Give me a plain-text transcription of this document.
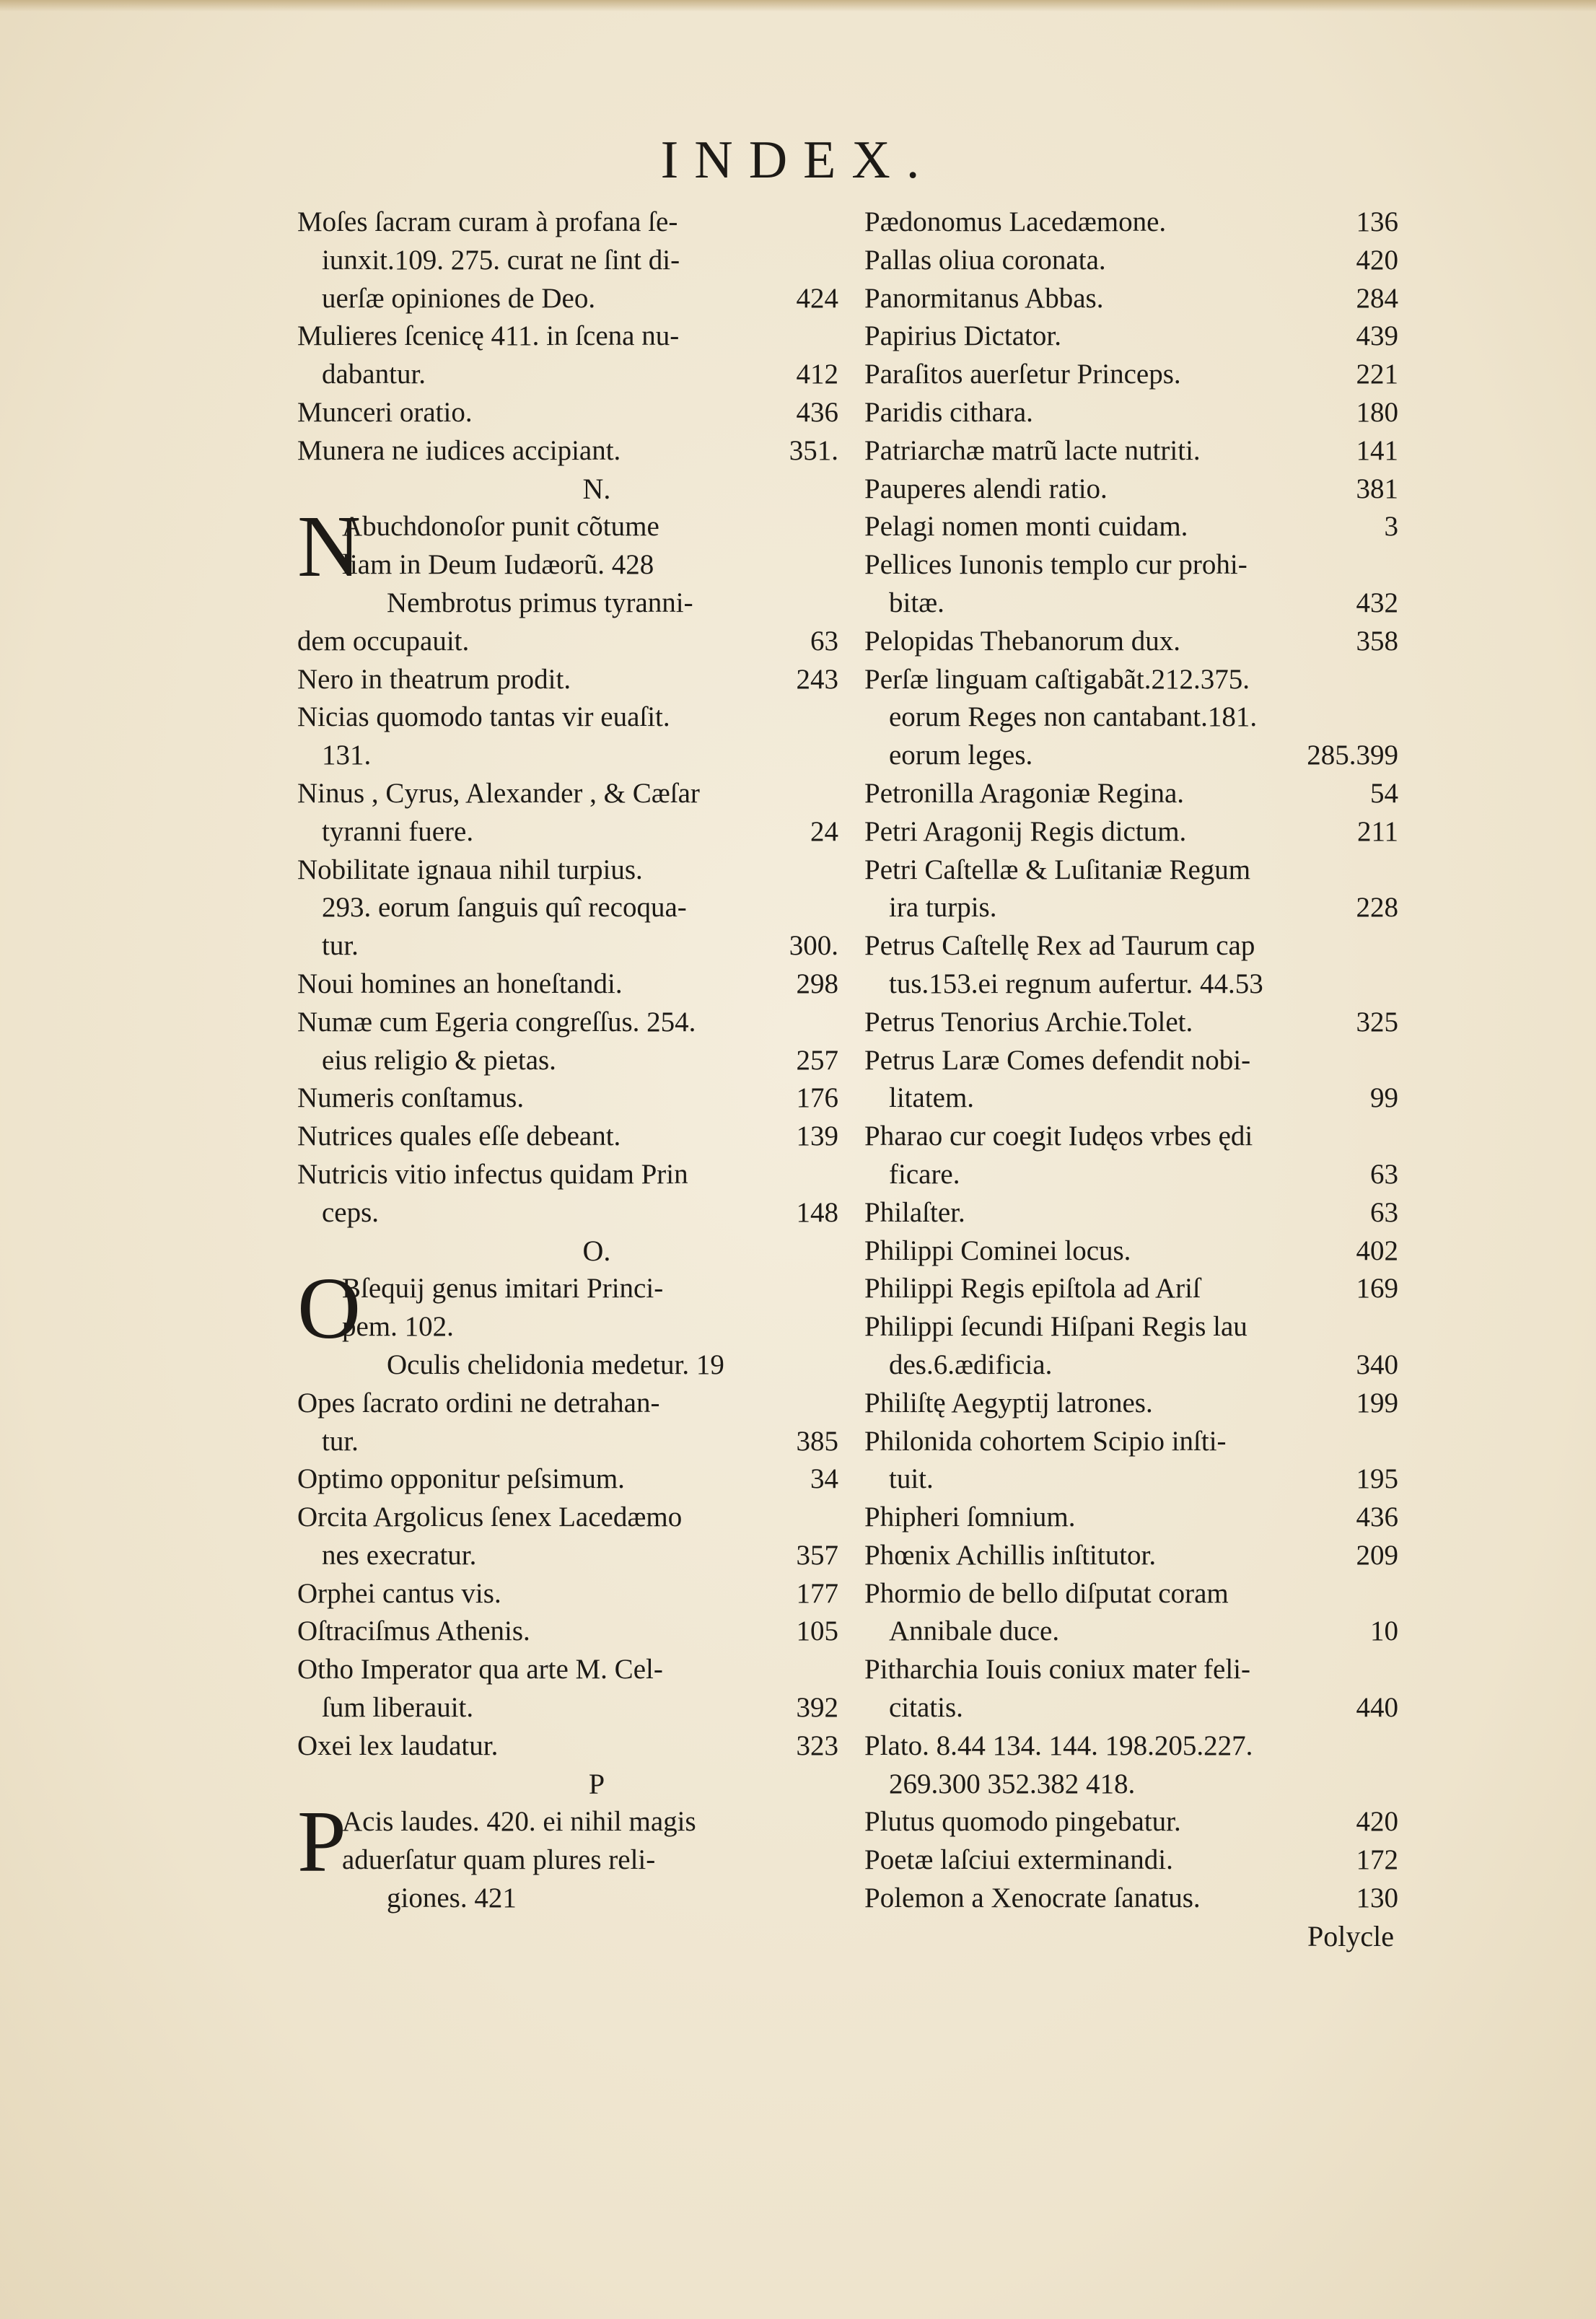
INDEX.
Moſes ſacram curam à profana ſe-
iunxit.109. 275. curat ne ſint di-
uerſæ opiniones de Deo.	424
Mulieres ſcenicę 411. in ſcena nu-
dabantur.	412
Munceri oratio.	436
Munera ne iudices accipiant.	351.
N.
N
Abuchdonoſor punit cõtume
liam in Deum Iudæorũ. 428
Nembrotus primus tyranni-
dem occupauit.	63
Nero in theatrum prodit.	243
Nicias quomodo tantas vir euaſit.
131.
Ninus , Cyrus, Alexander , & Cæſar
tyranni fuere.	24
Nobilitate ignaua nihil turpius.
293. eorum ſanguis quî recoqua-
tur.	300.
Noui homines an honeſtandi.	298
Numæ cum Egeria congreſſus. 254.
eius religio & pietas.	257
Numeris conſtamus.	176
Nutrices quales eſſe debeant.	139
Nutricis vitio infectus quidam Prin
ceps.	148
O.
O
Bſequij genus imitari Princi-
pem. 102.
Oculis chelidonia medetur. 19
Opes ſacrato ordini ne detrahan-
tur.	385
Optimo opponitur peſsimum.	34
Orcita Argolicus ſenex Lacedæmo
nes execratur.	357
Orphei cantus vis.	177
Oſtraciſmus Athenis.	105
Otho Imperator qua arte M. Cel-
ſum liberauit.	392
Oxei lex laudatur.	323
P
P
Acis laudes. 420. ei nihil magis
aduerſatur quam plures reli-
giones. 421
Pædonomus Lacedæmone.	136
Pallas oliua coronata.	420
Panormitanus Abbas.	284
Papirius Dictator.	439
Paraſitos auerſetur Princeps.	221
Paridis cithara.	180
Patriarchæ matrũ lacte nutriti.	141
Pauperes alendi ratio.	381
Pelagi nomen monti cuidam.	3
Pellices Iunonis templo cur prohi-
bitæ.	432
Pelopidas Thebanorum dux.	358
Perſæ linguam caſtigabãt.212.375.
eorum Reges non cantabant.181.
eorum leges.	285.399
Petronilla Aragoniæ Regina.	54
Petri Aragonij Regis dictum.	211
Petri Caſtellæ & Luſitaniæ Regum
ira turpis.	228
Petrus Caſtellę Rex ad Taurum cap
tus.153.ei regnum aufertur. 44.53
Petrus Tenorius Archie.Tolet.	325
Petrus Laræ Comes defendit nobi-
litatem.	99
Pharao cur coegit Iudęos vrbes ędi
ficare.	63
Philaſter.	63
Philippi Cominei locus.	402
Philippi Regis epiſtola ad Ariſ	169
Philippi ſecundi Hiſpani Regis lau
des.6.ædificia.	340
Philiſtę Aegyptij latrones.	199
Philonida cohortem Scipio inſti-
tuit.	195
Phipheri ſomnium.	436
Phœnix Achillis inſtitutor.	209
Phormio de bello diſputat coram
Annibale duce.	10
Pitharchia Iouis coniux mater feli-
citatis.	440
Plato. 8.44 134. 144. 198.205.227.
269.300 352.382 418.
Plutus quomodo pingebatur.	420
Poetæ laſciui exterminandi.	172
Polemon a Xenocrate ſanatus.	130
Polycle
